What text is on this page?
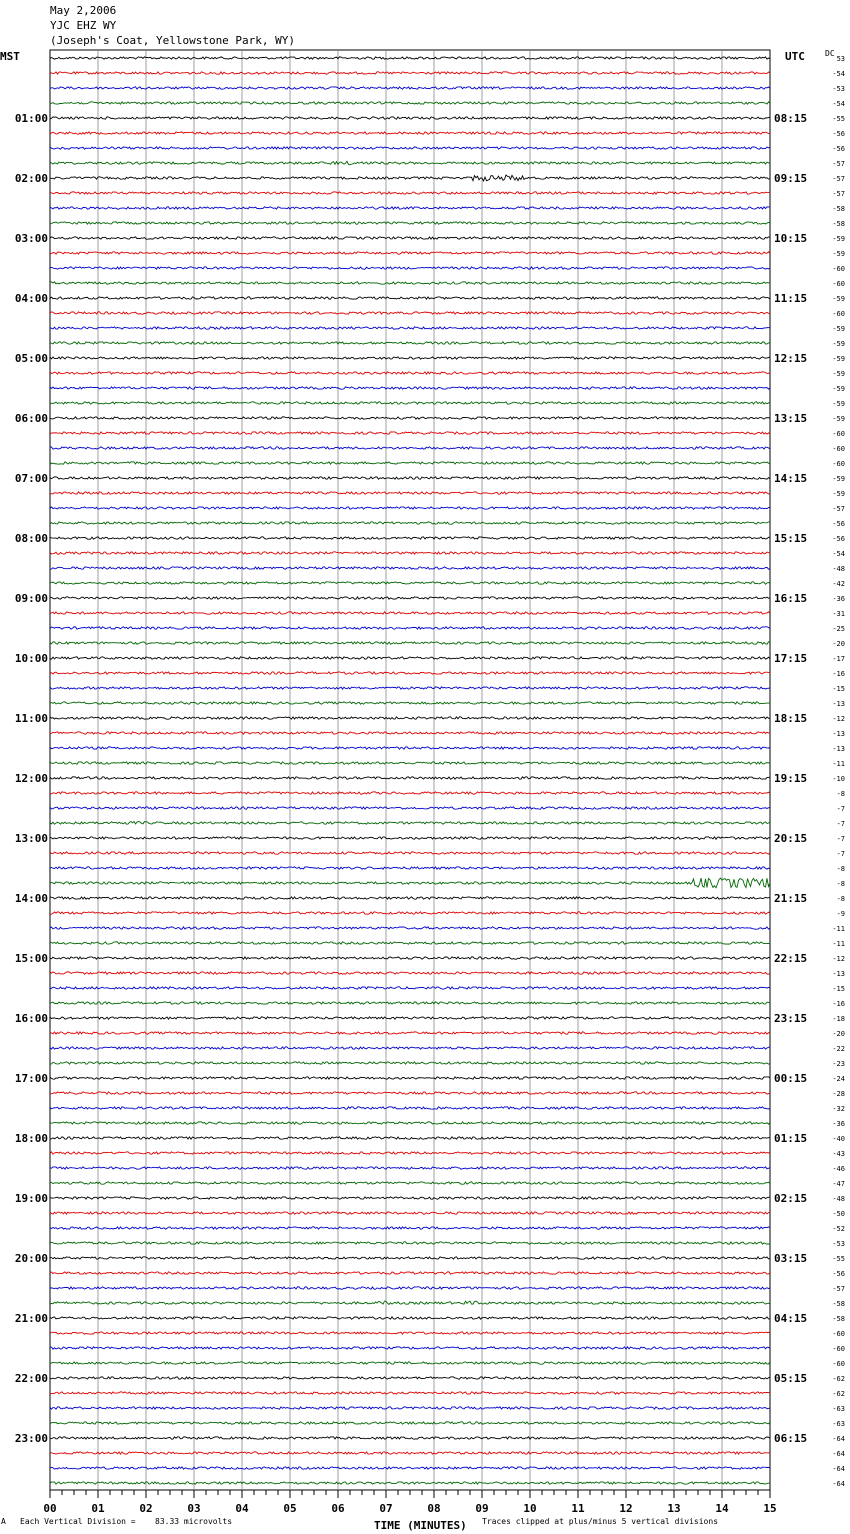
May 2,2006
YJC EHZ WY
(Joseph's Coat, Yellowstone Park, WY)
MST	UTC	DC
53
-54
-53
-54
-55
-56
-56
-57
-57
-57
-58
-58
-59
-59
-60
-60
-59
-60
-59
-59
-59
-59
-59
-59
-59
-60
-60
-60
-59
-59
-57
-56
-56
-54
-48
-42
-36
-31
-25
-20
-17
-16
-15
-13
-12
-13
-13
-11
-10
-8
-7
-7
-7
-7
-8
-8
-8
-9
-11
-11
-12
-13
-15
-16
-18
-20
-22
-23
-24
-28
-32
-36
-40
-43
-46
-47
-48
-50
-52
-53
-55
-56
-57
-58
-58
-60
-60
-60
-62
-62
-63
-63
-64
-64
-64
-64
01:00
02:00
03:00
04:00
05:00
06:00
07:00
08:00
09:00
10:00
11:00
12:00
13:00
14:00
15:00
16:00
17:00
18:00
19:00
20:00
21:00
22:00
23:00
08:15
09:15
10:15
11:15
12:15
13:15
14:15
15:15
16:15
17:15
18:15
19:15
20:15
21:15
22:15
23:15
00:15
01:15
02:15
03:15
04:15
05:15
06:15
00	01	02	03	04	05	06	07	08	09	10	11	12	13	14	15
A Each Vertical Division = 83.33 microvolts	TIME (MINUTES) Traces clipped at plus/minus 5 vertical divisions
